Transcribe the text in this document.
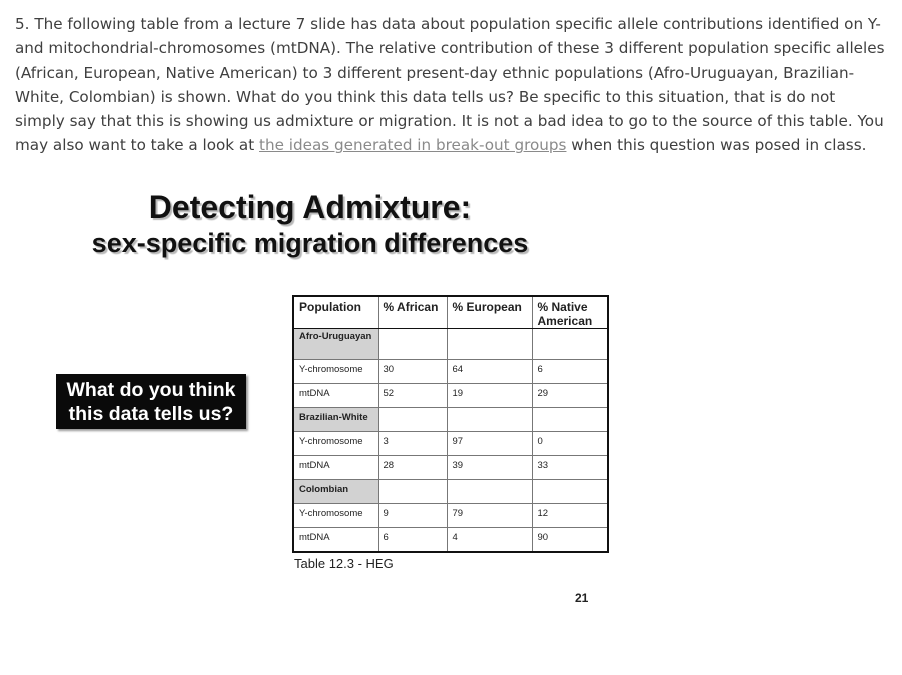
5. The following table from a lecture 7 slide has data about population specific allele contributions identified on Y- and mitochondrial-chromosomes (mtDNA). The relative contribution of these 3 different population specific alleles (African, European, Native American) to 3 different present-day ethnic populations (Afro-Uruguayan, Brazilian-White, Colombian) is shown. What do you think this data tells us? Be specific to this situation, that is do not simply say that this is showing us admixture or migration. It is not a bad idea to go to the source of this table. You may also want to take a look at the ideas generated in break-out groups when this question was posed in class.

Detecting Admixture:
sex-specific migration differences
What do you think
this data tells us?
Population	% African	% European	% Native American
Afro-Uruguayan			
Y-chromosome	30	64	6
mtDNA	52	19	29
Brazilian-White			
Y-chromosome	3	97	0
mtDNA	28	39	33
Colombian			
Y-chromosome	9	79	12
mtDNA	6	4	90
Table 12.3 - HEG
21
